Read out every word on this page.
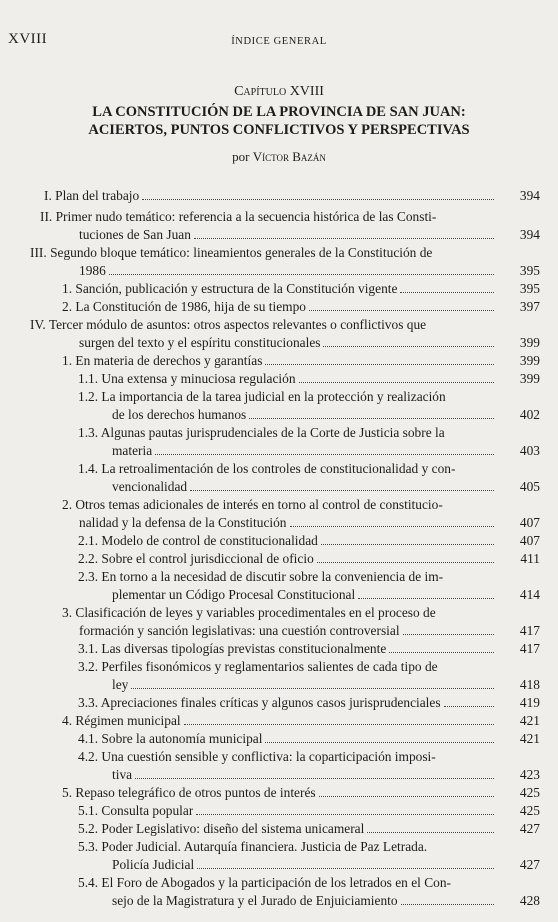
XVIII	ÍNDICE GENERAL
Capítulo XVIII
LA CONSTITUCIÓN DE LA PROVINCIA DE SAN JUAN:
ACIERTOS, PUNTOS CONFLICTIVOS Y PERSPECTIVAS
por Víctor Bazán
I. Plan del trabajo	394
II. Primer nudo temático: referencia a la secuencia histórica de las Consti-
tuciones de San Juan	394
III. Segundo bloque temático: lineamientos generales de la Constitución de
1986	395
1. Sanción, publicación y estructura de la Constitución vigente	395
2. La Constitución de 1986, hija de su tiempo	397
IV. Tercer módulo de asuntos: otros aspectos relevantes o conflictivos que
surgen del texto y el espíritu constitucionales	399
1. En materia de derechos y garantías	399
1.1. Una extensa y minuciosa regulación	399
1.2. La importancia de la tarea judicial en la protección y realización
de los derechos humanos	402
1.3. Algunas pautas jurisprudenciales de la Corte de Justicia sobre la
materia	403
1.4. La retroalimentación de los controles de constitucionalidad y con-
vencionalidad	405
2. Otros temas adicionales de interés en torno al control de constitucio-
nalidad y la defensa de la Constitución	407
2.1. Modelo de control de constitucionalidad	407
2.2. Sobre el control jurisdiccional de oficio	411
2.3. En torno a la necesidad de discutir sobre la conveniencia de im-
plementar un Código Procesal Constitucional	414
3. Clasificación de leyes y variables procedimentales en el proceso de
formación y sanción legislativas: una cuestión controversial	417
3.1. Las diversas tipologías previstas constitucionalmente	417
3.2. Perfiles fisonómicos y reglamentarios salientes de cada tipo de
ley	418
3.3. Apreciaciones finales críticas y algunos casos jurisprudenciales	419
4. Régimen municipal	421
4.1. Sobre la autonomía municipal	421
4.2. Una cuestión sensible y conflictiva: la coparticipación imposi-
tiva	423
5. Repaso telegráfico de otros puntos de interés	425
5.1. Consulta popular	425
5.2. Poder Legislativo: diseño del sistema unicameral	427
5.3. Poder Judicial. Autarquía financiera. Justicia de Paz Letrada.
Policía Judicial	427
5.4. El Foro de Abogados y la participación de los letrados en el Con-
sejo de la Magistratura y el Jurado de Enjuiciamiento	428
